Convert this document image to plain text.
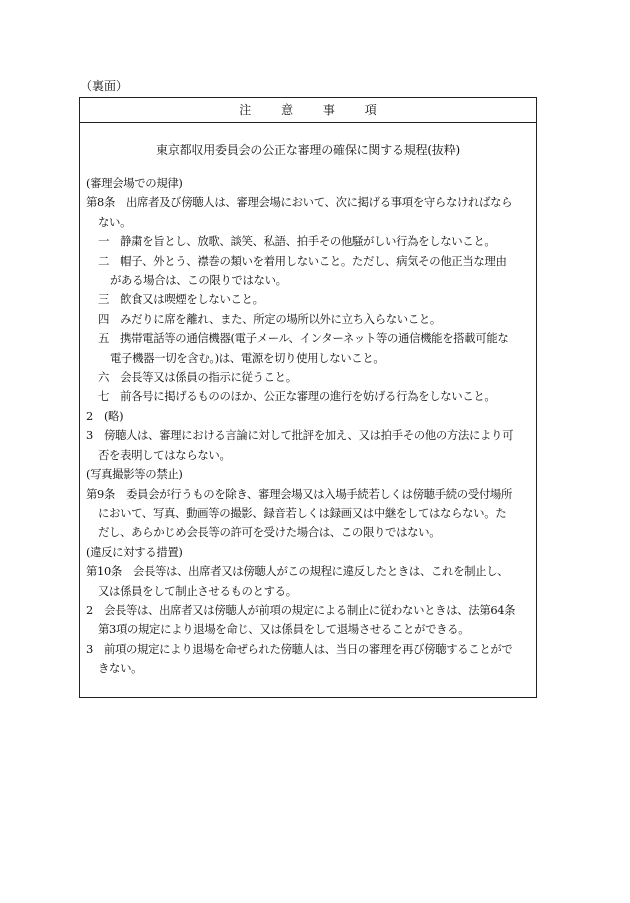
（裏面）
注 意 事 項
東京都収用委員会の公正な審理の確保に関する規程(抜粋)
(審理会場での規律)
第8条　出席者及び傍聴人は、審理会場において、次に掲げる事項を守らなければなら
ない。
一　静粛を旨とし、放歌、談笑、私語、拍手その他騒がしい行為をしないこと。
二　帽子、外とう、襟巻の類いを着用しないこと。ただし、病気その他正当な理由
がある場合は、この限りではない。
三　飲食又は喫煙をしないこと。
四　みだりに席を離れ、また、所定の場所以外に立ち入らないこと。
五　携帯電話等の通信機器(電子メール、インターネット等の通信機能を搭載可能な
電子機器一切を含む。)は、電源を切り使用しないこと。
六　会長等又は係員の指示に従うこと。
七　前各号に掲げるもののほか、公正な審理の進行を妨げる行為をしないこと。
2　(略)
3　傍聴人は、審理における言論に対して批評を加え、又は拍手その他の方法により可
否を表明してはならない。
(写真撮影等の禁止)
第9条　委員会が行うものを除き、審理会場又は入場手続若しくは傍聴手続の受付場所
において、写真、動画等の撮影、録音若しくは録画又は中継をしてはならない。た
だし、あらかじめ会長等の許可を受けた場合は、この限りではない。
(違反に対する措置)
第10条　会長等は、出席者又は傍聴人がこの規程に違反したときは、これを制止し、
又は係員をして制止させるものとする。
2　会長等は、出席者又は傍聴人が前項の規定による制止に従わないときは、法第64条
第3項の規定により退場を命じ、又は係員をして退場させることができる。
3　前項の規定により退場を命ぜられた傍聴人は、当日の審理を再び傍聴することがで
きない。
